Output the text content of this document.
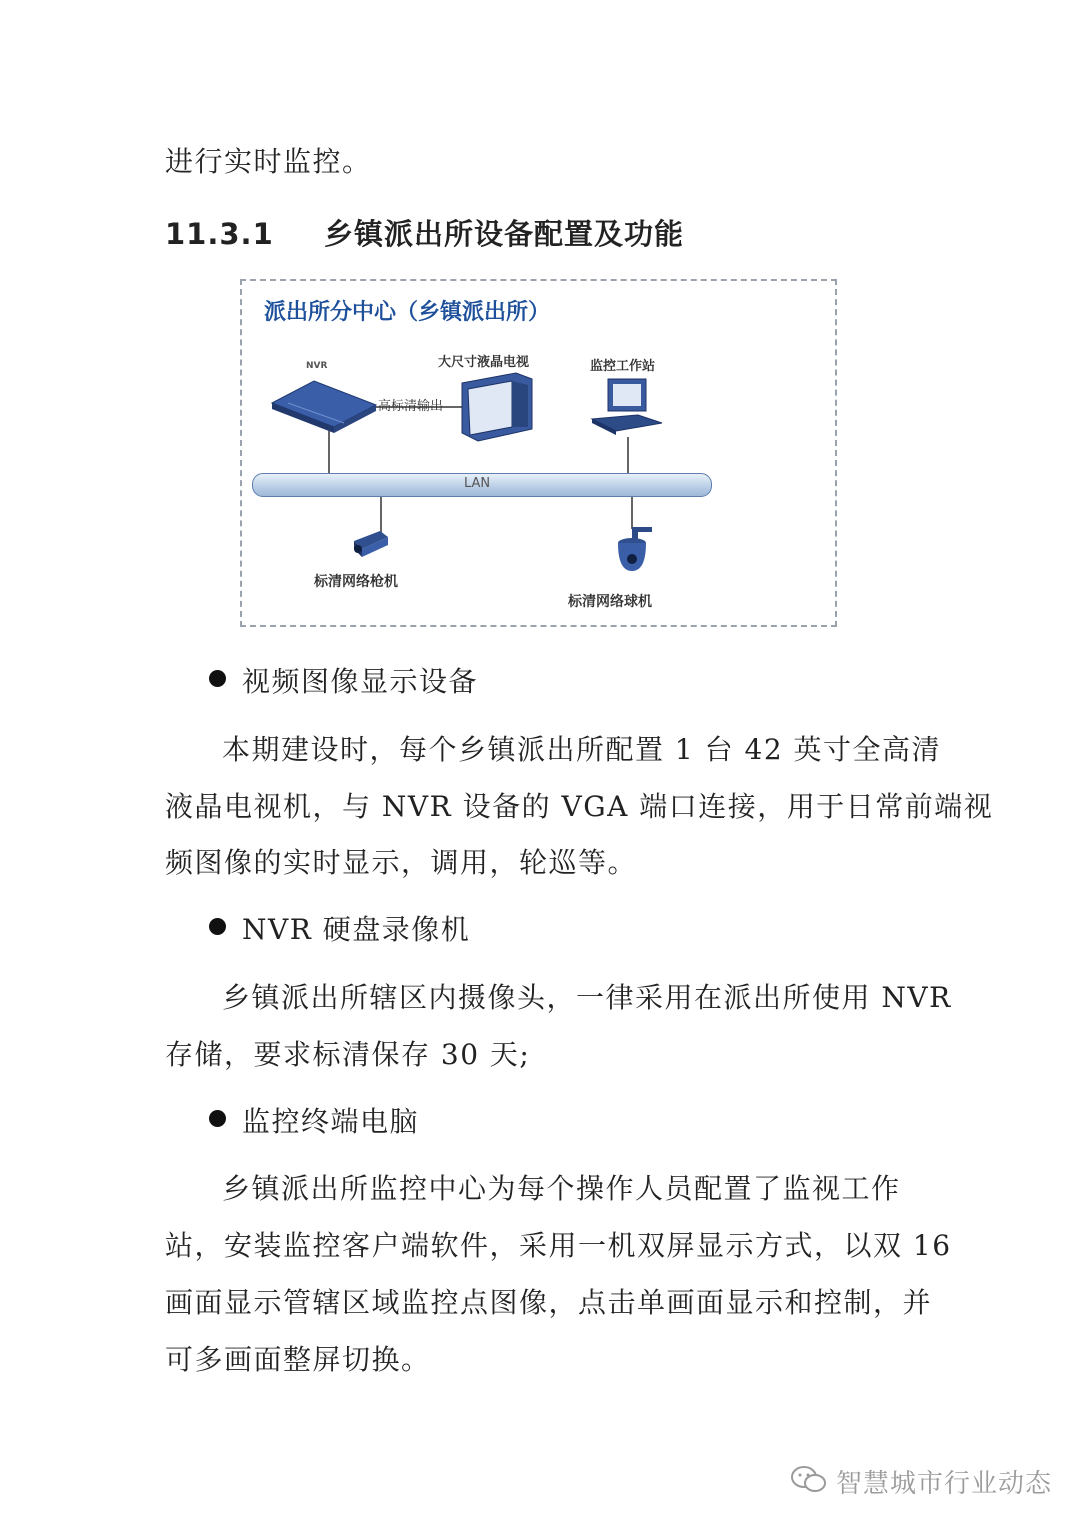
进行实时监控。
11.3.1 乡镇派出所设备配置及功能
派出所分中心（乡镇派出所）
NVR
高标清输出
大尺寸液晶电视	监控工作站
LAN
标清网络枪机
标清网络球机
视频图像显示设备
本期建设时，每个乡镇派出所配置 1 台 42 英寸全高清
液晶电视机，与 NVR 设备的 VGA 端口连接，用于日常前端视
频图像的实时显示，调用，轮巡等。
NVR 硬盘录像机
乡镇派出所辖区内摄像头，一律采用在派出所使用 NVR
存储，要求标清保存 30 天;
监控终端电脑
乡镇派出所监控中心为每个操作人员配置了监视工作
站，安装监控客户端软件，采用一机双屏显示方式，以双 16
画面显示管辖区域监控点图像，点击单画面显示和控制，并
可多画面整屏切换。
智慧城市行业动态
